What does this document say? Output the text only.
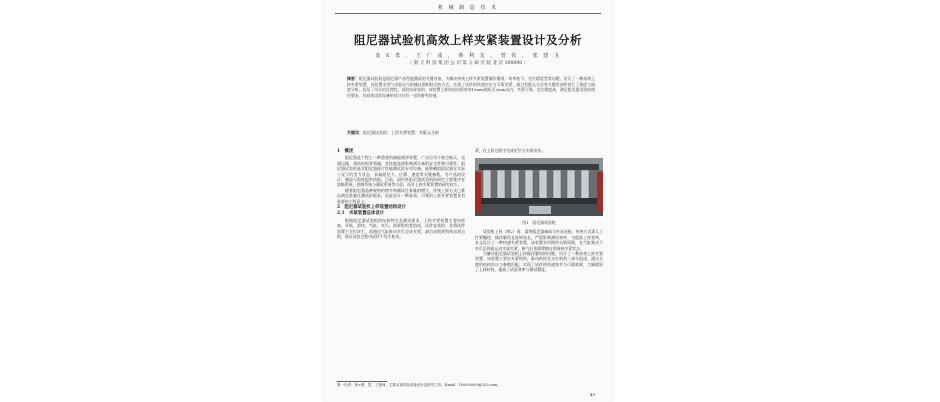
机 械 制 造 技 术
阻尼器试验机高效上样夹紧装置设计及分析
姜 X 勇 ， 王 广 成 ， 蔡 利 友 ， 曾 钦 ， 张 建 飞
（ 航 天 科 技 集 团 公 司 第 五 研 究 院 北 京 100000 ）
摘要：阻尼器试验机是阻尼器产品性能测试的关键设备，为解决传统上样夹紧装置操作繁琐、效率低下、定位精度差等问题，设计了一种高效上样夹紧装置。该装置采用气动驱动与机械自锁相结合的方式，实现了试件的快速定位与可靠夹紧，通过有限元方法对关键零部件进行了强度与刚度分析，验证了设计的合理性。试验结果表明，该装置上样时间由原来的10min缩短至2min以内，夹紧可靠，定位精度高，满足阻尼器试验的使用要求，对同类试验设备的设计具有一定的参考价值。
关键词：阻尼器试验机；上样夹紧装置；有限元分析
1　概述

阻尼器是工程上一种重要的减振缓冲装置，广泛应用于航空航天、交通运输、建筑结构等领域，其性能直接影响到设备的安全性和可靠性。阻尼器试验机是对阻尼器进行性能测试的专用设备，能够模拟阻尼器在实际工况下的受力状态，获取阻尼力、位移、速度等关键参数，为产品的设计、制造与验收提供依据。目前，国内外阻尼器试验机的研究主要集中在加载系统、控制系统与测试系统等方面，而对上样夹紧装置的研究较少。

随着阻尼器品种规格的增多和测试任务量的增大，传统上样方式已难以满足批量化测试的需求，因此设计一种高效、可靠的上样夹紧装置具有重要的工程意义。

2　阻尼器试验机上样装置结构设计
2.1　夹紧装置总体设计

根据阻尼器试验机的结构特点及测试要求，上样夹紧装置主要由底座、导轨、滑块、气缸、夹爪、锁紧机构等组成，试件安装时，先将试件放置于定位块上，再通过气缸推动夹爪完成夹紧，最后由锁紧机构实现自锁，保证试验过程中试件不发生松动。

紧，在上样过程中完成定位与夹紧动作。

试验机上样（图2）时，需将阻尼器端部与夹具连接，传统方式需人工拧紧螺栓，操作繁琐且耗时较长，严重影响测试效率。为提高上样效率，本文设计了一种快速夹紧装置，该装置采用楔形自锁原理，在气缸推动下夹爪沿斜面运动实现夹紧，断气后依靠摩擦自锁保持夹紧状态。

为解决阻尼器试验机上样操作繁琐的问题，设计了一种高效上样夹紧装置，该装置主要由夹紧机构、驱动机构及定位机构三部分组成，通过合理的结构设计与参数匹配，实现了试件的快速装夹与可靠锁紧，大幅缩短了上样时间，提高了试验效率与测试精度。

图1　阻尼器试验机
第一作者：姜×勇，男，工程师，主要从事试验设备设计及研究工作。Email：100000000@163.com。
49
